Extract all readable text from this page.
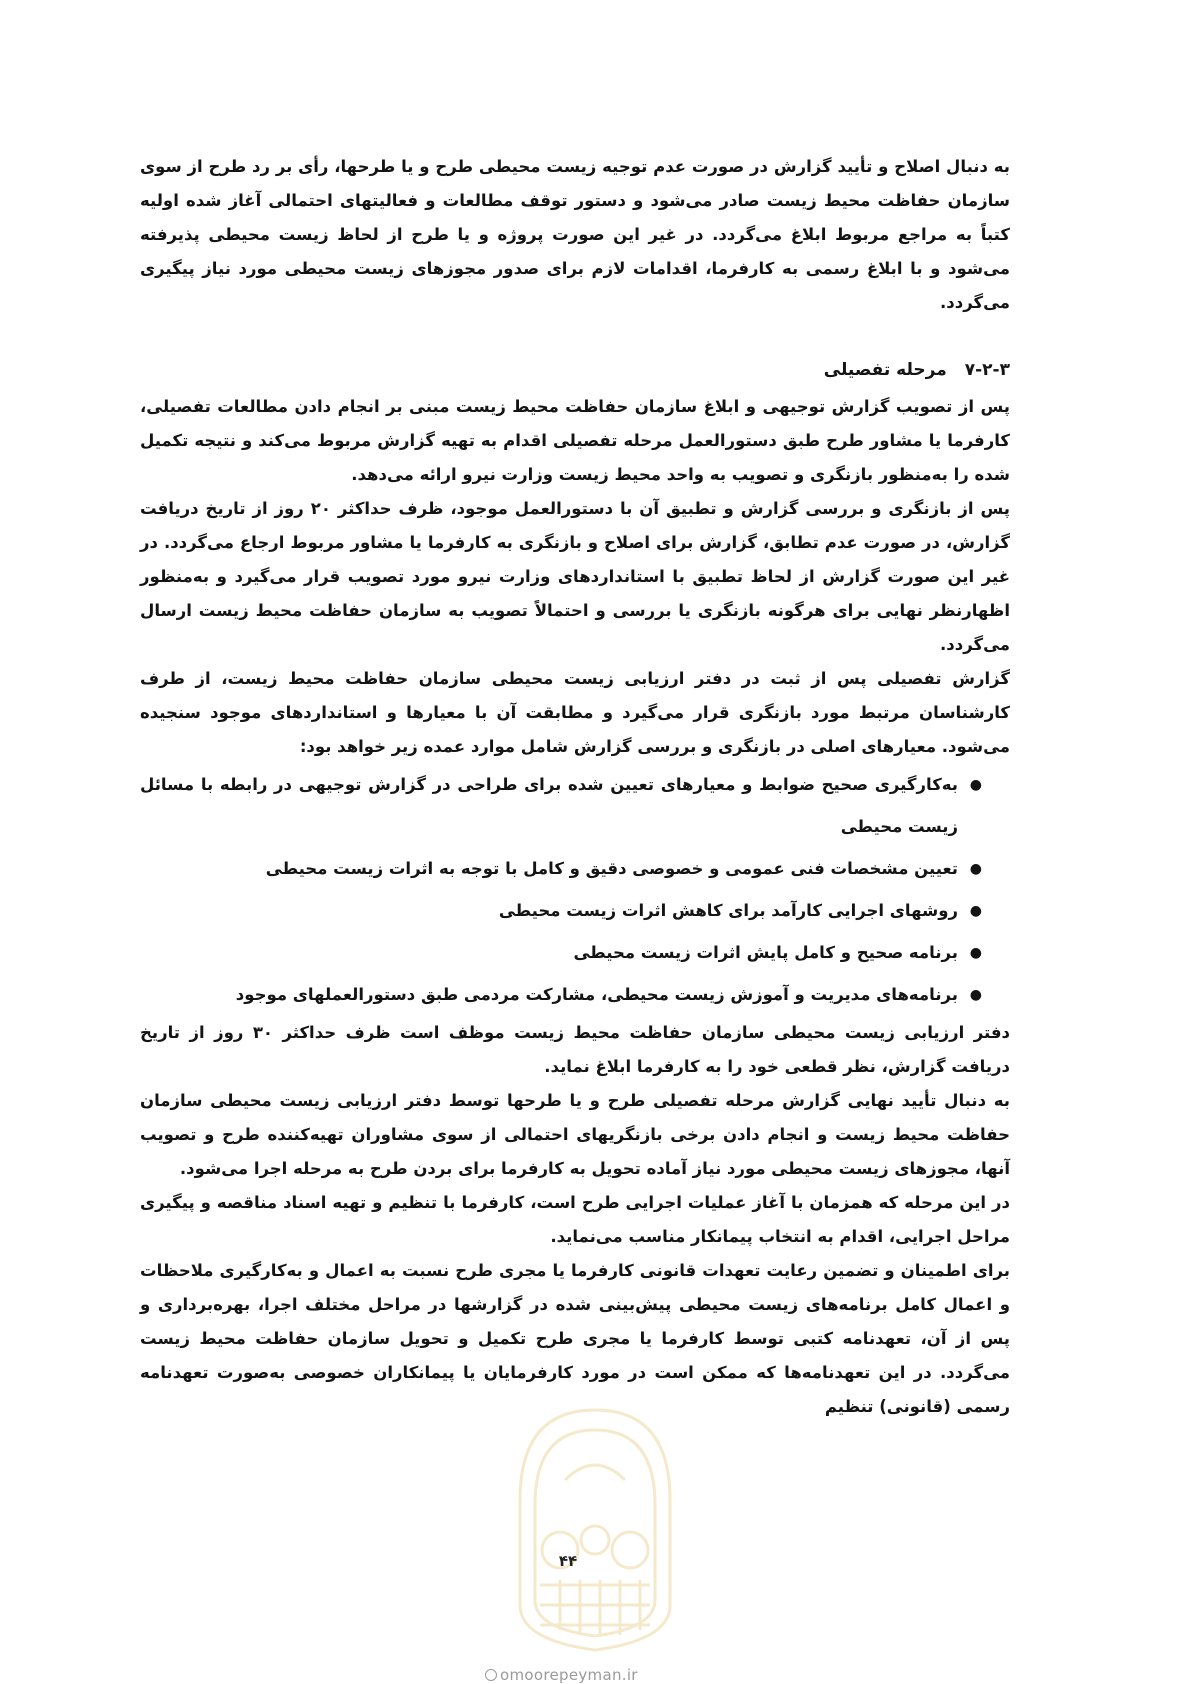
به دنبال اصلاح و تأیید گزارش در صورت عدم توجیه زیست محیطی طرح و یا طرحها، رأی بر رد طرح از سوی سازمان حفاظت محیط زیست صادر می‌شود و دستور توقف مطالعات و فعالیتهای احتمالی آغاز شده اولیه کتباً به مراجع مربوط ابلاغ می‌گردد. در غیر این صورت پروژه و یا طرح از لحاظ زیست محیطی پذیرفته می‌شود و با ابلاغ رسمی به کارفرما، اقدامات لازم برای صدور مجوزهای زیست محیطی مورد نیاز پیگیری می‌گردد.

۷-۲-۳مرحله تفصیلی

پس از تصویب گزارش توجیهی و ابلاغ سازمان حفاظت محیط زیست مبنی بر انجام دادن مطالعات تفصیلی، کارفرما یا مشاور طرح طبق دستورالعمل مرحله تفصیلی اقدام به تهیه گزارش مربوط می‌کند و نتیجه تکمیل شده را به‌منظور بازنگری و تصویب به واحد محیط زیست وزارت نیرو ارائه می‌دهد.

پس از بازنگری و بررسی گزارش و تطبیق آن با دستورالعمل موجود، ظرف حداکثر ۲۰ روز از تاریخ دریافت گزارش، در صورت عدم تطابق، گزارش برای اصلاح و بازنگری به کارفرما یا مشاور مربوط ارجاع می‌گردد. در غیر این صورت گزارش از لحاظ تطبیق با استانداردهای وزارت نیرو مورد تصویب قرار می‌گیرد و به‌منظور اظهارنظر نهایی برای هرگونه بازنگری یا بررسی و احتمالاً تصویب به سازمان حفاظت محیط زیست ارسال می‌گردد.

گزارش تفصیلی پس از ثبت در دفتر ارزیابی زیست محیطی سازمان حفاظت محیط زیست، از طرف کارشناسان مرتبط مورد بازنگری قرار می‌گیرد و مطابقت آن با معیارها و استانداردهای موجود سنجیده می‌شود. معیارهای اصلی در بازنگری و بررسی گزارش شامل موارد عمده زیر خواهد بود:

●
به‌کارگیری صحیح ضوابط و معیارهای تعیین شده برای طراحی در گزارش توجیهی در رابطه با مسائل زیست محیطی
●
تعیین مشخصات فنی عمومی و خصوصی دقیق و کامل با توجه به اثرات زیست محیطی
●
روشهای اجرایی کارآمد برای کاهش اثرات زیست محیطی
●
برنامه صحیح و کامل پایش اثرات زیست محیطی
●
برنامه‌های مدیریت و آموزش زیست محیطی، مشارکت مردمی طبق دستورالعملهای موجود

دفتر ارزیابی زیست محیطی سازمان حفاظت محیط زیست موظف است ظرف حداکثر ۳۰ روز از تاریخ دریافت گزارش، نظر قطعی خود را به کارفرما ابلاغ نماید.

به دنبال تأیید نهایی گزارش مرحله تفصیلی طرح و یا طرحها توسط دفتر ارزیابی زیست محیطی سازمان حفاظت محیط زیست و انجام دادن برخی بازنگریهای احتمالی از سوی مشاوران تهیه‌کننده طرح و تصویب آنها، مجوزهای زیست محیطی مورد نیاز آماده تحویل به کارفرما برای بردن طرح به مرحله اجرا می‌شود.

در این مرحله که همزمان با آغاز عملیات اجرایی طرح است، کارفرما با تنظیم و تهیه اسناد مناقصه و پیگیری مراحل اجرایی، اقدام به انتخاب پیمانکار مناسب می‌نماید.

برای اطمینان و تضمین رعایت تعهدات قانونی کارفرما یا مجری طرح نسبت به اعمال و به‌کارگیری ملاحظات و اعمال کامل برنامه‌های زیست محیطی پیش‌بینی شده در گزارشها در مراحل مختلف اجرا، بهره‌برداری و پس از آن، تعهدنامه کتبی توسط کارفرما یا مجری طرح تکمیل و تحویل سازمان حفاظت محیط زیست می‌گردد. در این تعهدنامه‌ها که ممکن است در مورد کارفرمایان یا پیمانکاران خصوصی به‌صورت تعهدنامه رسمی (قانونی) تنظیم

۴۴
omoorepeyman.ir
